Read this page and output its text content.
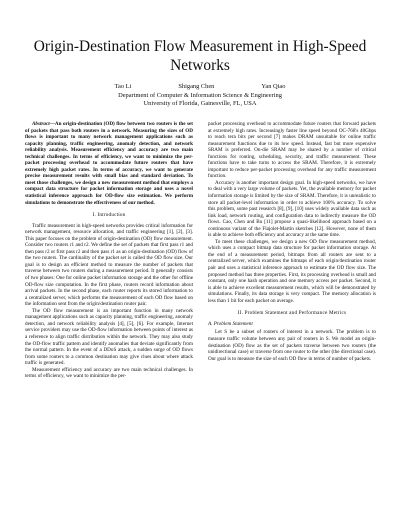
Origin-Destination Flow Measurement in High-Speed Networks
Tao Li	Shigang Chen	Yan Qiao
Department of Computer & Information Science & Engineering
University of Florida, Gainesville, FL, USA

Abstract—An origin-destination (OD) flow between two routers is the set of packets that pass both routers in a network. Measuring the sizes of OD flows is important to many network management applications such as capacity planning, traffic engineering, anomaly detection, and network reliability analysis. Measurement efficiency and accuracy are two main technical challenges. In terms of efficiency, we want to minimize the per-packet processing overhead to accommodate future routers that have extremely high packet rates. In terms of accuracy, we want to generate precise measurement results with small bias and standard deviation. To meet those challenges, we design a new measurement method that employs a compact data structure for packet information storage and uses a novel statistical inference approach for OD-flow size estimation. We perform simulations to demonstrate the effectiveness of our method.

I. Introduction

Traffic measurement in high-speed networks provides critical information for network management, resource allocation, and traffic engineering [1], [2], [3]. This paper focuses on the problem of origin-destination (OD) flow measurement. Consider two routers r1 and r2. We define the set of packets that first pass r1 and then pass r2 or first pass r2 and then pass r1 as an origin-destination (OD) flow of the two routers. The cardinality of the packet set is called the OD flow size. Our goal is to design an efficient method to measure the number of packets that traverse between two routers during a measurement period. It generally consists of two phases: One for online packet information storage and the other for offline OD-flow size computation. In the first phase, routers record information about arrival packets. In the second phase, each router reports its stored information to a centralized server, which performs the measurement of each OD flow based on the information sent from the origin/destination router pair.

The OD flow measurement is an important function in many network management applications such as capacity planning, traffic engineering, anomaly detection, and network reliability analysis [4], [5], [6]. For example, Internet service providers may use the OD-flow information between points of interest as a reference to align traffic distribution within the network. They may also study the OD-flow traffic pattern and identify anomalies that deviate significantly from the normal pattern. In the event of a DDoS attack, a sudden surge of OD flows from some routers to a common destination may give clues about where attack traffic is generated.

Measurement efficiency and accuracy are two main technical challenges. In terms of efficiency, we want to minimize the per-

packet processing overhead to accommodate future routers that forward packets at extremely high rates. Increasingly faster line speed beyond OC-768's 40Gbps to reach tera bits per second [7] makes DRAM unsuitable for online traffic measurement functions due to its low speed. Instead, fast but more expensive SRAM is preferred. On-die SRAM may be shared by a number of critical functions for routing, scheduling, security, and traffic measurement. These functions have to take turns to access the SRAM. Therefore, it is extremely important to reduce per-packet processing overhead for any traffic measurement function.

Accuracy is another important design goal. In high-speed networks, we have to deal with a very large volume of packets. Yet, the available memory for packet information storage is limited by the size of SRAM. Therefore, it is unrealistic to store all packet-level information in order to achieve 100% accuracy. To solve this problem, some past research [8], [9], [10] uses widely available data such as link load, network routing, and configuration data to indirectly measure the OD flows. Cao, Chen and Bu [11] propose a quasi-likelihood approach based on a continuous variant of the Flajolet-Martin sketches [12]. However, none of them is able to achieve both efficiency and accuracy at the same time.

To meet these challenges, we design a new OD flow measurement method, which uses a compact bitmap data structure for packet information storage. At the end of a measurement period, bitmaps from all routers are sent to a centralized server, which examines the bitmaps of each origin/destination router pair and uses a statistical inference approach to estimate the OD flow size. The proposed method has three properties. First, its processing overhead is small and constant, only one hash operation and one memory access per packet. Second, it is able to achieve excellent measurement results, which will be demonstrated by simulations. Finally, its data storage is very compact. The memory allocation is less than 1 bit for each packet on average.

II. Problem Statement and Performance Metrics
A. Problem Statement

Let S be a subset of routers of interest in a network. The problem is to measure traffic volume between any pair of routers in S. We model an origin-destination (OD) flow as the set of packets traverse between two routers (the unidirectional case) or traverse from one router to the other (the directional case). Our goal is to measure the size of each OD flow in terms of number of packets.
